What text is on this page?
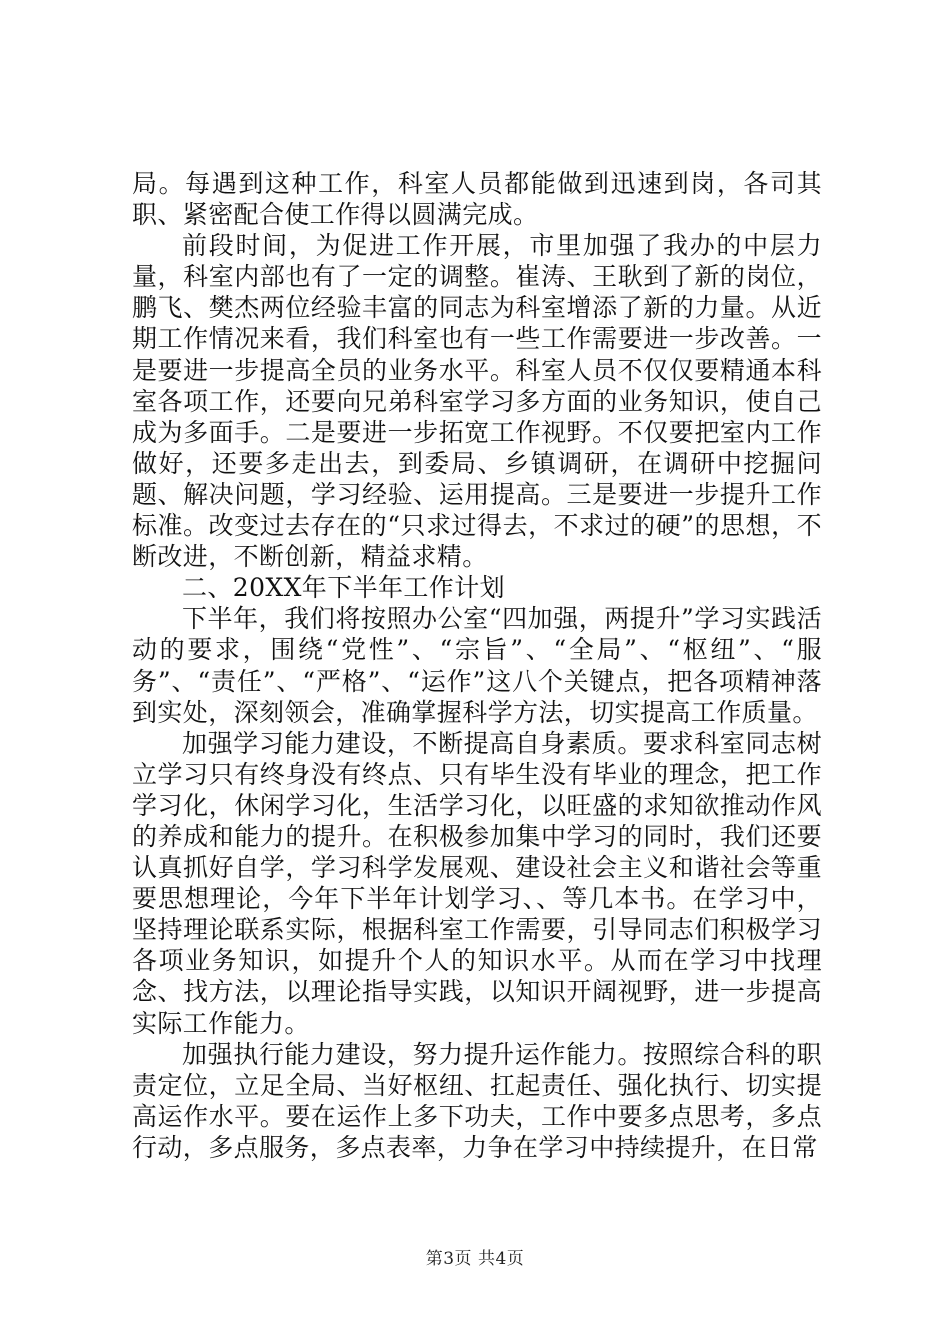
局。每遇到这种工作，科室人员都能做到迅速到岗，各司其职、紧密配合使工作得以圆满完成。

前段时间，为促进工作开展，市里加强了我办的中层力量，科室内部也有了一定的调整。崔涛、王耿到了新的岗位，鹏飞、樊杰两位经验丰富的同志为科室增添了新的力量。从近期工作情况来看，我们科室也有一些工作需要进一步改善。一是要进一步提高全员的业务水平。科室人员不仅仅要精通本科室各项工作，还要向兄弟科室学习多方面的业务知识，使自己成为多面手。二是要进一步拓宽工作视野。不仅要把室内工作做好，还要多走出去，到委局、乡镇调研，在调研中挖掘问题、解决问题，学习经验、运用提高。三是要进一步提升工作标准。改变过去存在的“只求过得去，不求过的硬”的思想，不断改进，不断创新，精益求精。

二、20XX年下半年工作计划

下半年，我们将按照办公室“四加强，两提升”学习实践活动的要求，围绕“党性”、“宗旨”、“全局”、“枢纽”、“服务”、“责任”、“严格”、“运作”这八个关键点，把各项精神落到实处，深刻领会，准确掌握科学方法，切实提高工作质量。

加强学习能力建设，不断提高自身素质。要求科室同志树立学习只有终身没有终点、只有毕生没有毕业的理念，把工作学习化，休闲学习化，生活学习化，以旺盛的求知欲推动作风的养成和能力的提升。在积极参加集中学习的同时，我们还要认真抓好自学，学习科学发展观、建设社会主义和谐社会等重要思想理论，今年下半年计划学习、、等几本书。在学习中，坚持理论联系实际，根据科室工作需要，引导同志们积极学习各项业务知识，如提升个人的知识水平。从而在学习中找理念、找方法，以理论指导实践，以知识开阔视野，进一步提高实际工作能力。

加强执行能力建设，努力提升运作能力。按照综合科的职责定位，立足全局、当好枢纽、扛起责任、强化执行、切实提高运作水平。要在运作上多下功夫，工作中要多点思考，多点行动，多点服务，多点表率，力争在学习中持续提升，在日常

第3页 共4页
